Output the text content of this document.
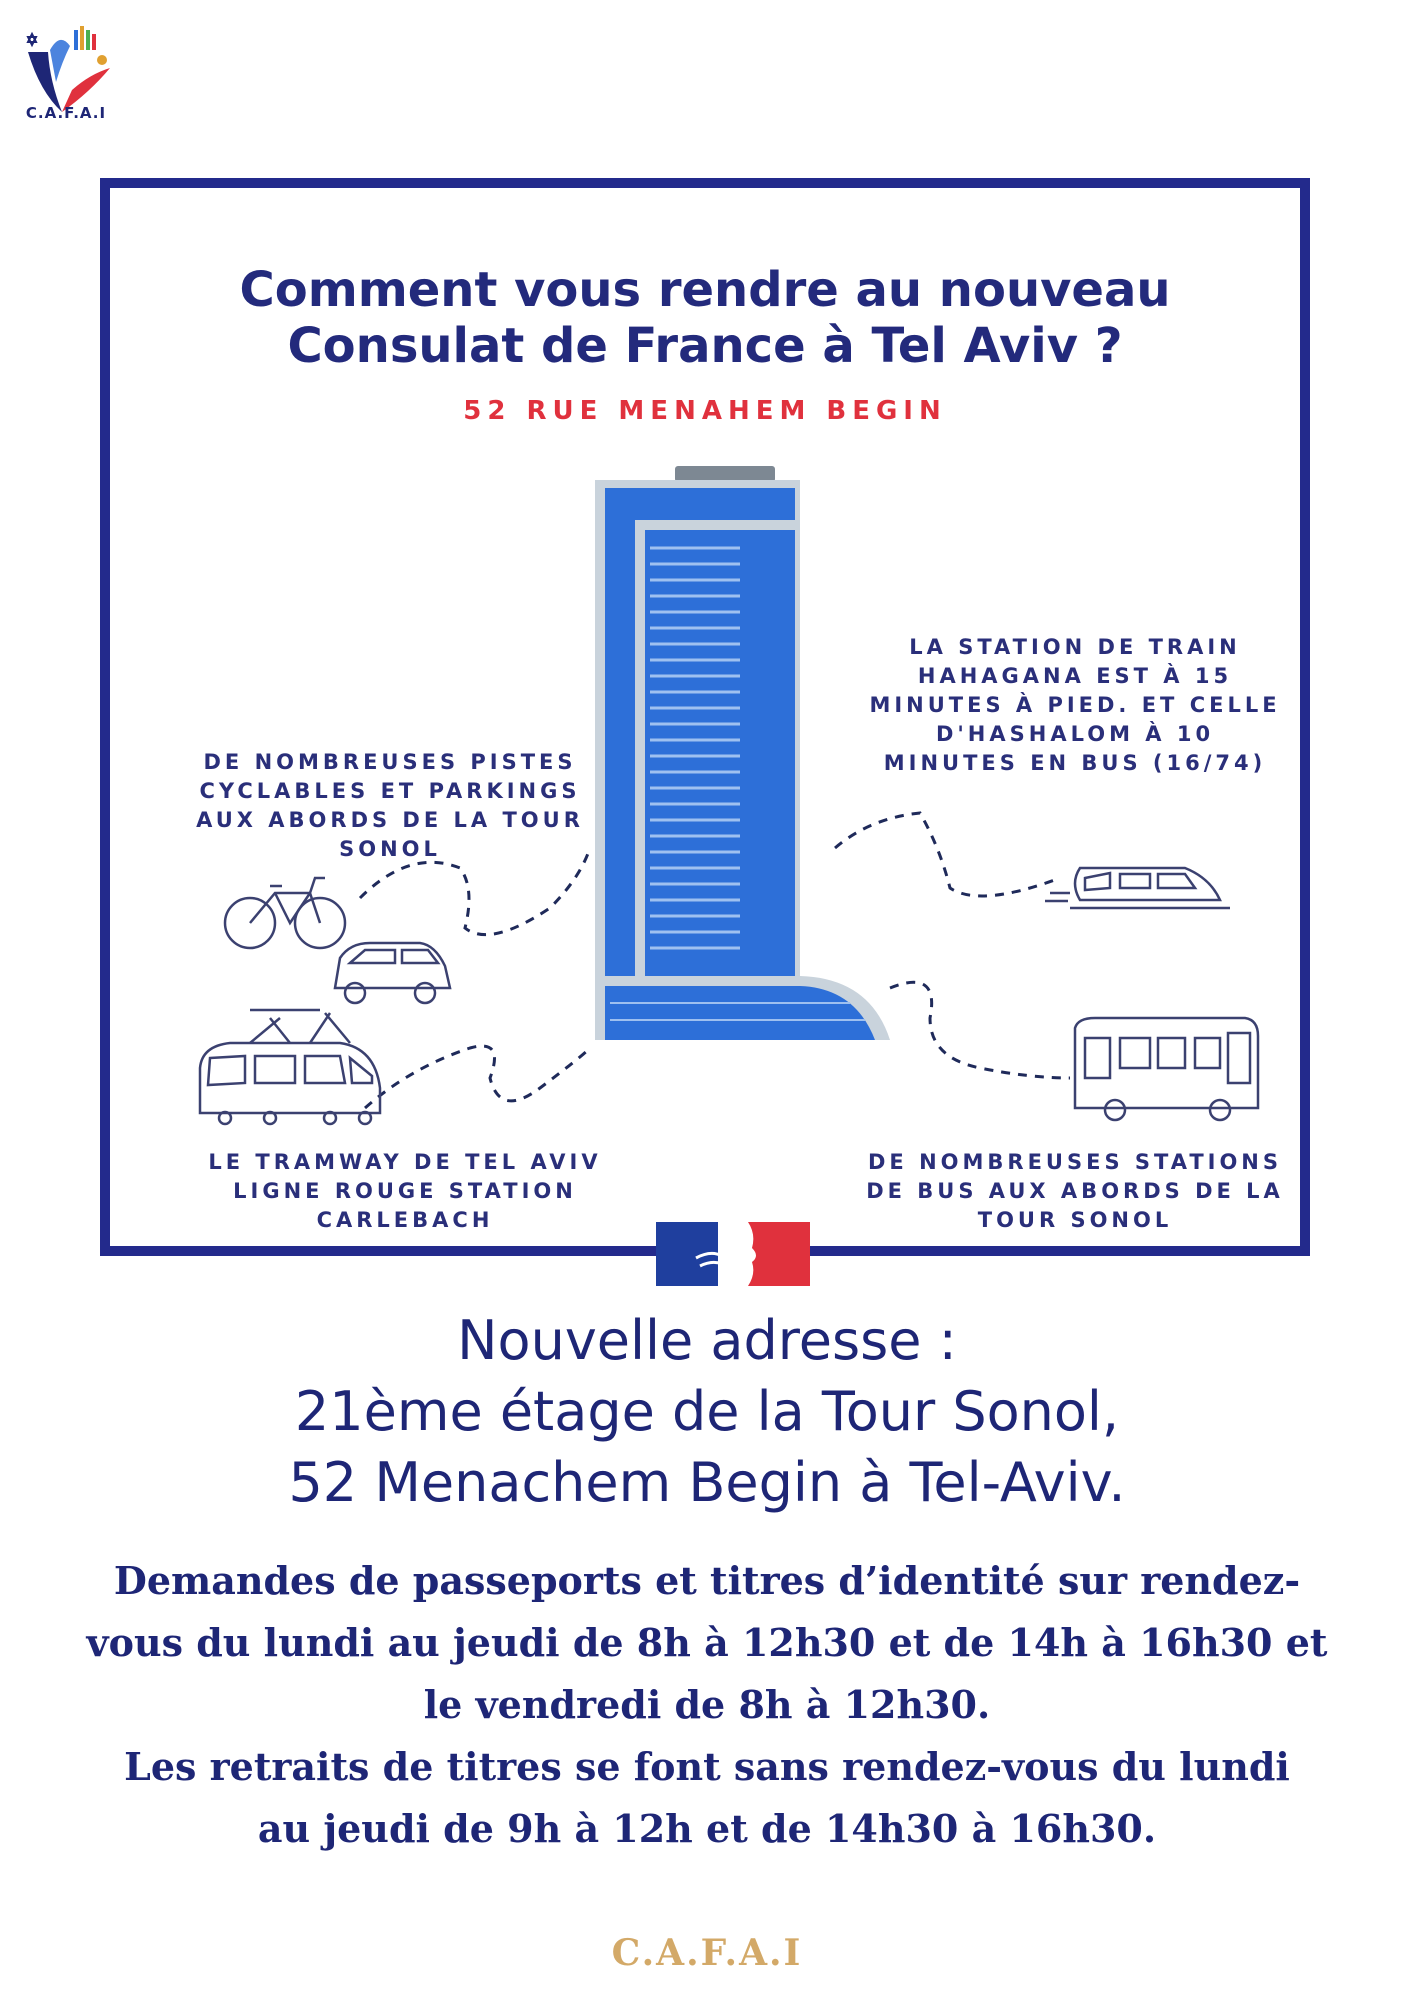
C.A.F.A.I
Comment vous rendre au nouveau
Consulat de France à Tel Aviv ?
52 RUE MENAHEM BEGIN
LA STATION DE TRAIN
HAHAGANA EST À 15
MINUTES À PIED. ET CELLE
D'HASHALOM À 10
MINUTES EN BUS (16/74)
DE NOMBREUSES PISTES
CYCLABLES ET PARKINGS
AUX ABORDS DE LA TOUR
SONOL
LE TRAMWAY DE TEL AVIV
LIGNE ROUGE STATION
CARLEBACH
DE NOMBREUSES STATIONS
DE BUS AUX ABORDS DE LA
TOUR SONOL
Nouvelle adresse :
21ème étage de la Tour Sonol,
52 Menachem Begin à Tel-Aviv.
Demandes de passeports et titres d’identité sur rendez-
vous du lundi au jeudi de 8h à 12h30 et de 14h à 16h30 et
le vendredi de 8h à 12h30.
Les retraits de titres se font sans rendez-vous du lundi
au jeudi de 9h à 12h et de 14h30 à 16h30.
C.A.F.A.I
